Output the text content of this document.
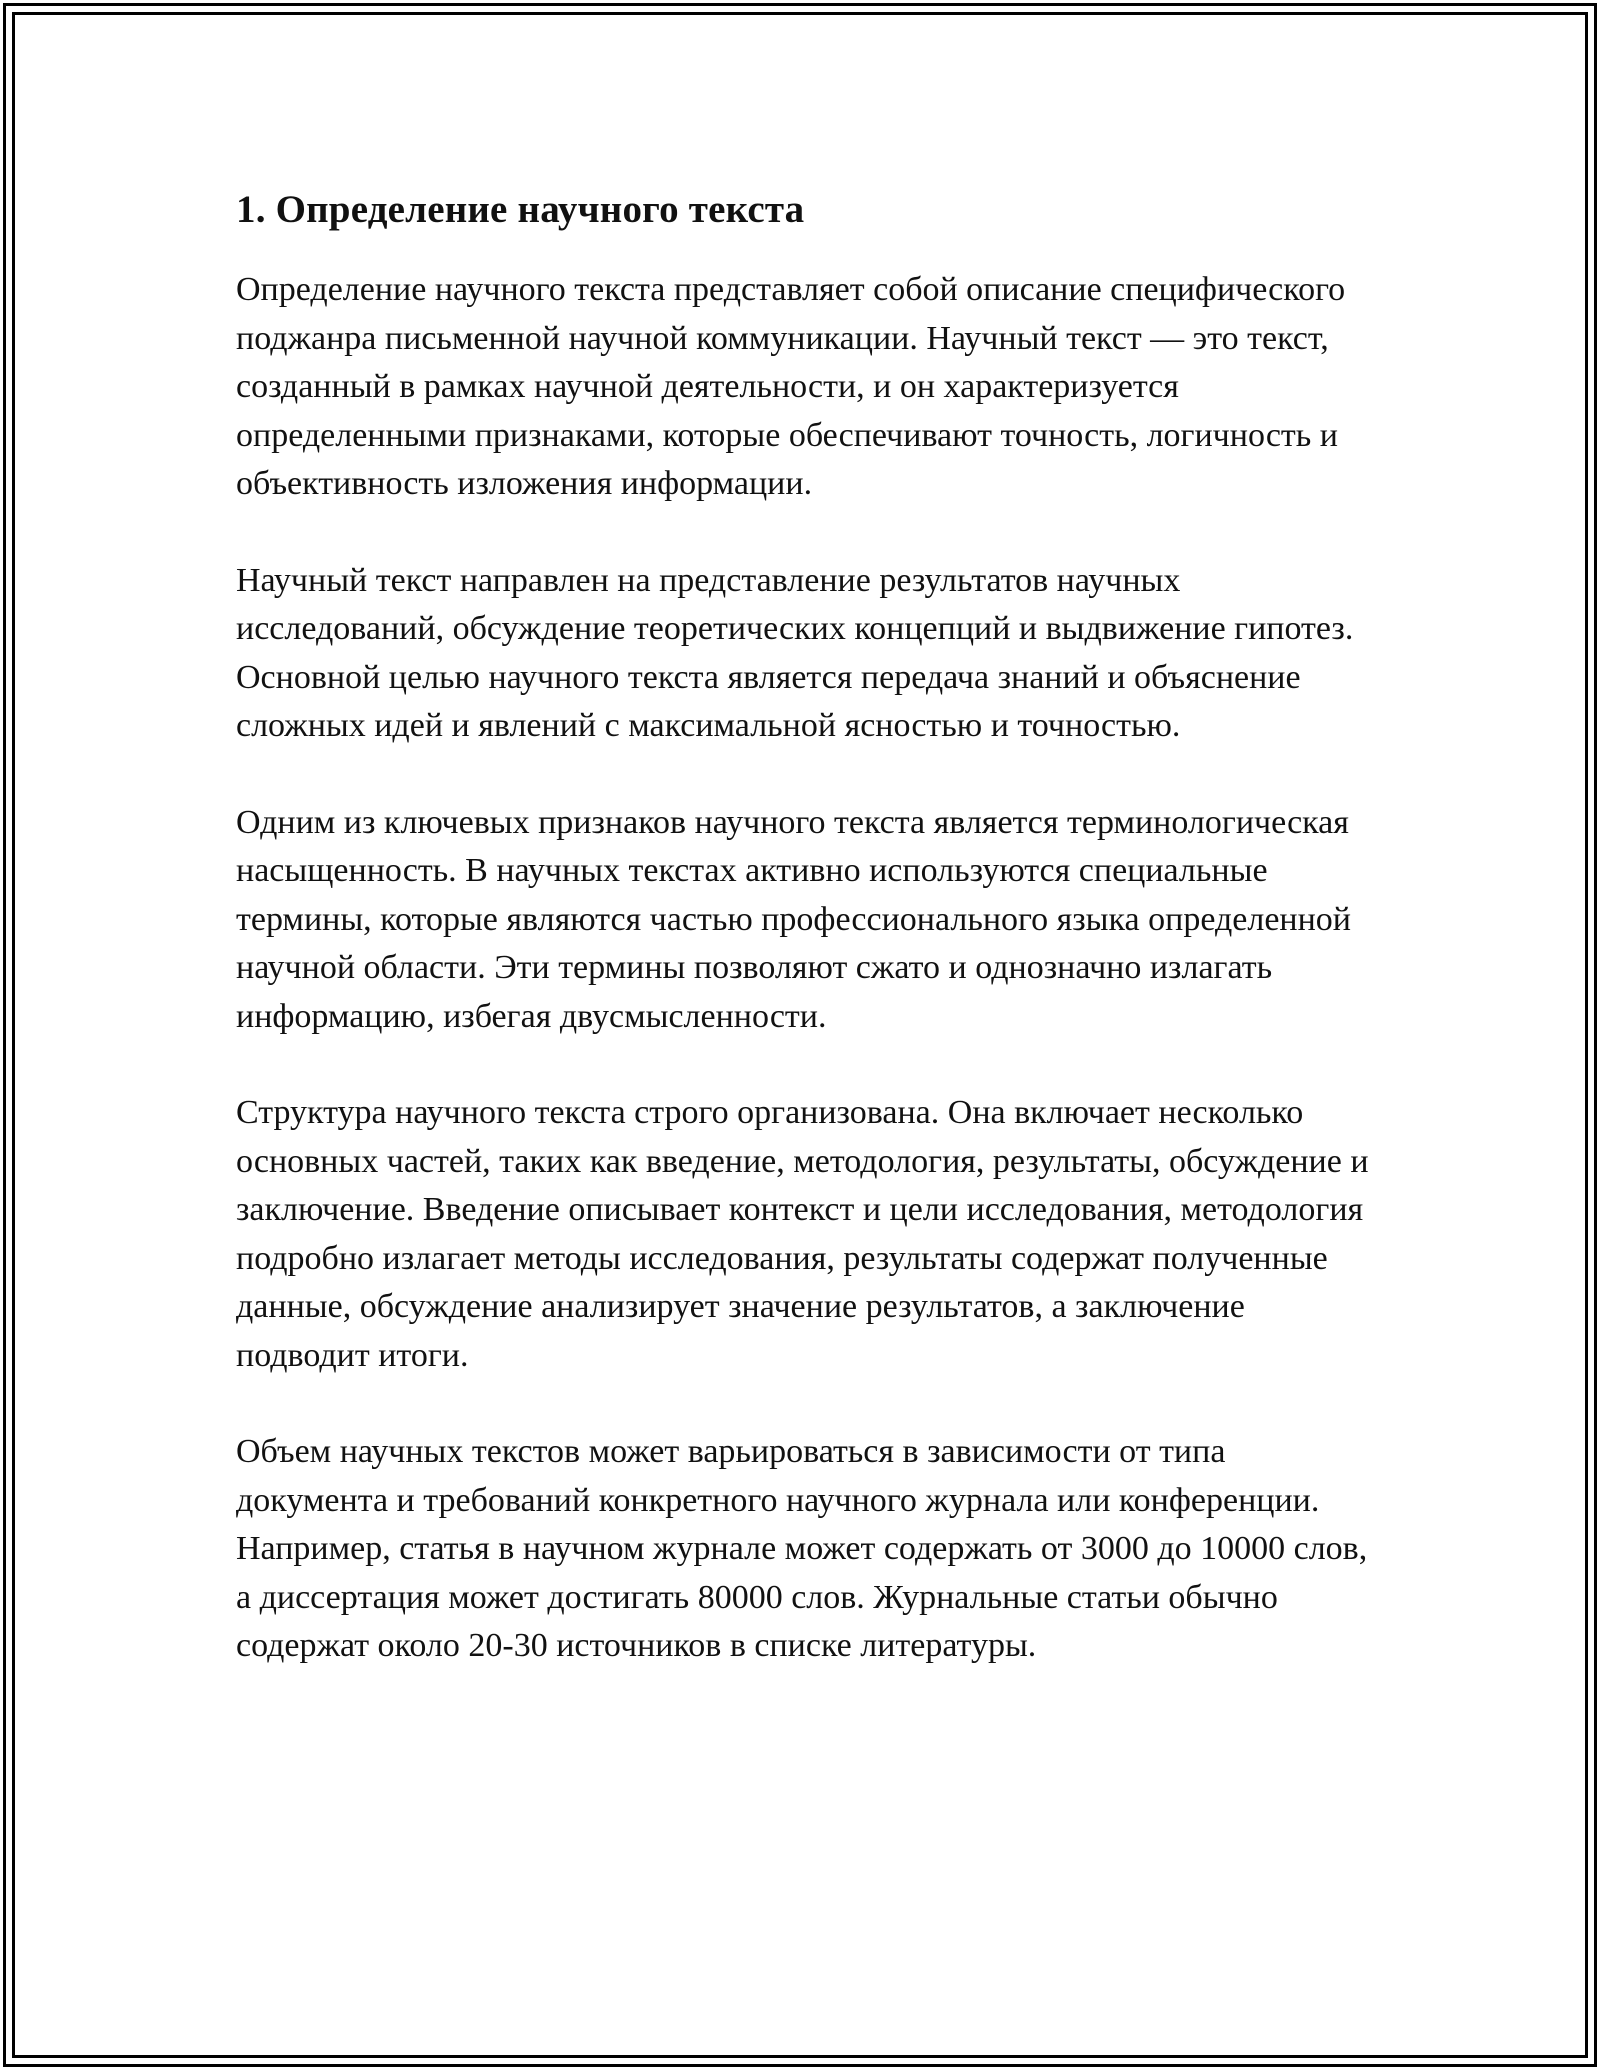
1. Определение научного текста

Определение научного текста представляет собой описание специфического поджанра письменной научной коммуникации. Научный текст — это текст, созданный в рамках научной деятельности, и он характеризуется определенными признаками, которые обеспечивают точность, логичность и объективность изложения информации.

Научный текст направлен на представление результатов научных исследований, обсуждение теоретических концепций и выдвижение гипотез. Основной целью научного текста является передача знаний и объяснение сложных идей и явлений с максимальной ясностью и точностью.

Одним из ключевых признаков научного текста является терминологическая насыщенность. В научных текстах активно используются специальные термины, которые являются частью профессионального языка определенной научной области. Эти термины позволяют сжато и однозначно излагать информацию, избегая двусмысленности.

Структура научного текста строго организована. Она включает несколько основных частей, таких как введение, методология, результаты, обсуждение и заключение. Введение описывает контекст и цели исследования, методология подробно излагает методы исследования, результаты содержат полученные данные, обсуждение анализирует значение результатов, а заключение подводит итоги.

Объем научных текстов может варьироваться в зависимости от типа документа и требований конкретного научного журнала или конференции. Например, статья в научном журнале может содержать от 3000 до 10000 слов, а диссертация может достигать 80000 слов. Журнальные статьи обычно содержат около 20-30 источников в списке литературы.
